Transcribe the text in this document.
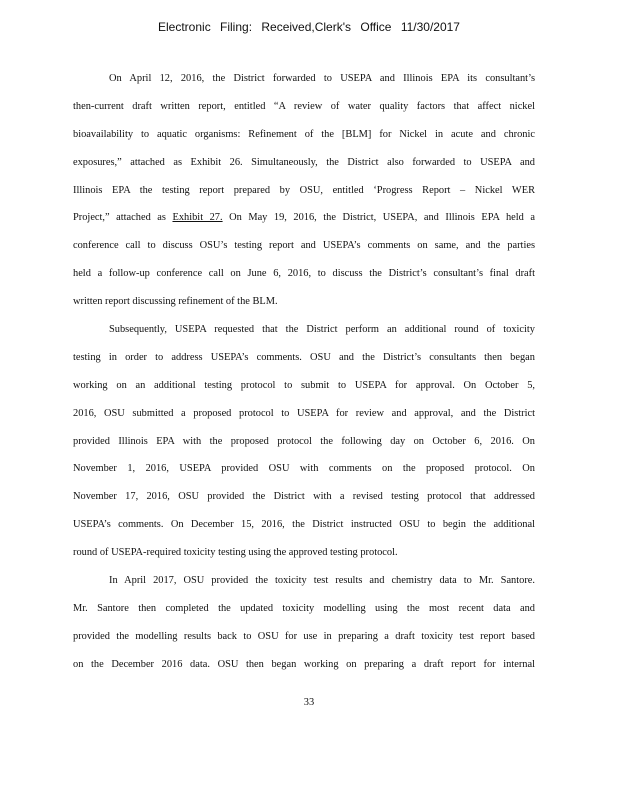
Electronic Filing: Received,Clerk's Office 11/30/2017
On April 12, 2016, the District forwarded to USEPA and Illinois EPA its consultant’s
then-current draft written report, entitled “A review of water quality factors that affect nickel
bioavailability to aquatic organisms: Refinement of the [BLM] for Nickel in acute and chronic
exposures,” attached as Exhibit 26. Simultaneously, the District also forwarded to USEPA and
Illinois EPA the testing report prepared by OSU, entitled ‘Progress Report – Nickel WER
Project,” attached as Exhibit 27. On May 19, 2016, the District, USEPA, and Illinois EPA held a
conference call to discuss OSU’s testing report and USEPA’s comments on same, and the parties
held a follow-up conference call on June 6, 2016, to discuss the District’s consultant’s final draft
written report discussing refinement of the BLM.
Subsequently, USEPA requested that the District perform an additional round of toxicity
testing in order to address USEPA’s comments. OSU and the District’s consultants then began
working on an additional testing protocol to submit to USEPA for approval. On October 5,
2016, OSU submitted a proposed protocol to USEPA for review and approval, and the District
provided Illinois EPA with the proposed protocol the following day on October 6, 2016. On
November 1, 2016, USEPA provided OSU with comments on the proposed protocol. On
November 17, 2016, OSU provided the District with a revised testing protocol that addressed
USEPA’s comments. On December 15, 2016, the District instructed OSU to begin the additional
round of USEPA-required toxicity testing using the approved testing protocol.
In April 2017, OSU provided the toxicity test results and chemistry data to Mr. Santore.
Mr. Santore then completed the updated toxicity modelling using the most recent data and
provided the modelling results back to OSU for use in preparing a draft toxicity test report based
on the December 2016 data. OSU then began working on preparing a draft report for internal
33
